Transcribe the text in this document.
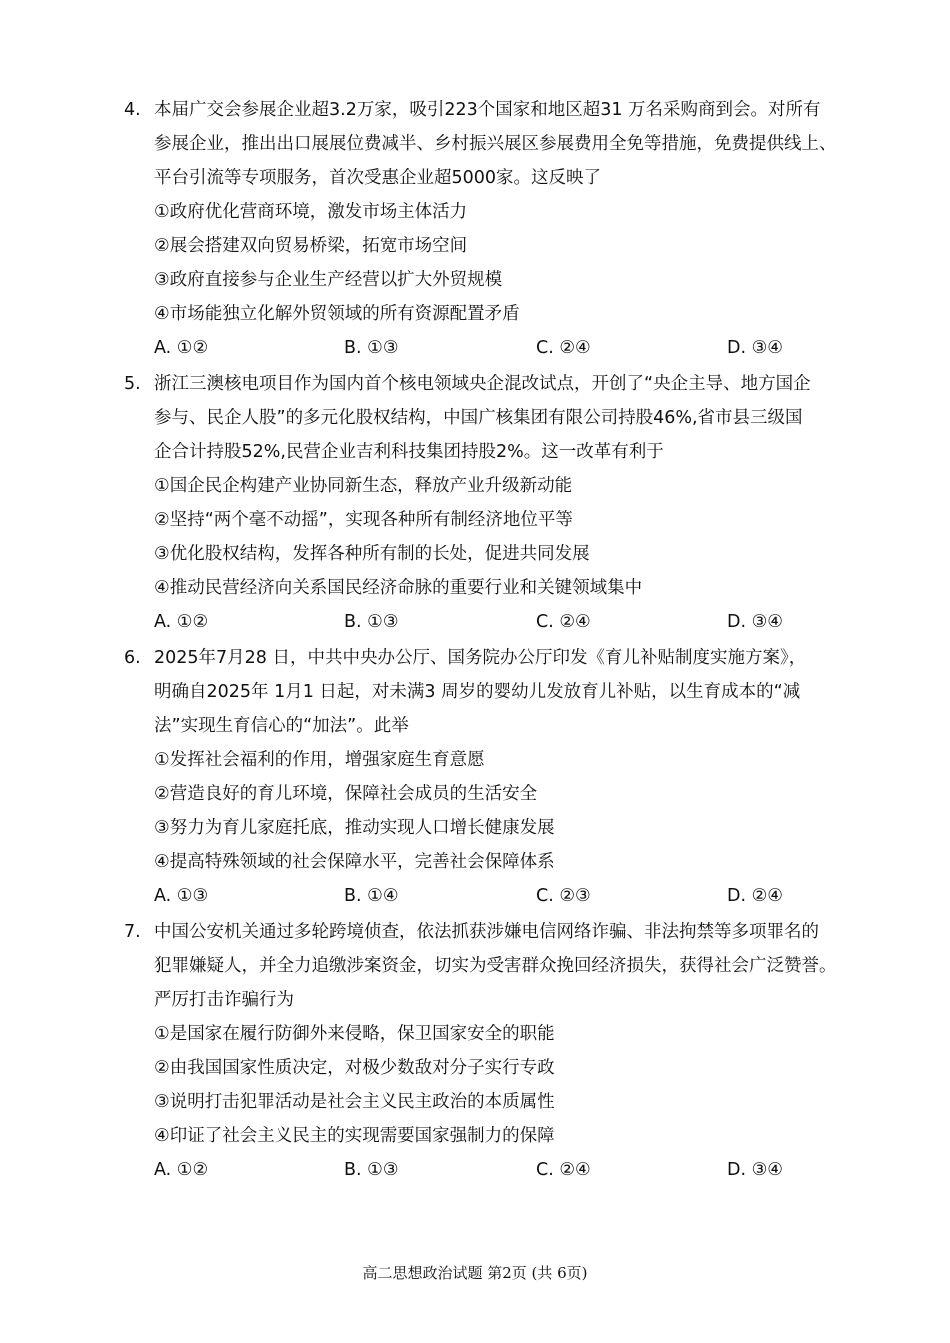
4. 本届广交会参展企业超3.2万家，吸引223个国家和地区超31 万名采购商到会。对所有
参展企业，推出出口展展位费减半、乡村振兴展区参展费用全免等措施，免费提供线上、
平台引流等专项服务，首次受惠企业超5000家。这反映了
①政府优化营商环境，激发市场主体活力
②展会搭建双向贸易桥梁，拓宽市场空间
③政府直接参与企业生产经营以扩大外贸规模
④市场能独立化解外贸领域的所有资源配置矛盾
A. ①②	B. ①③	C. ②④	D. ③④
5. 浙江三澳核电项目作为国内首个核电领域央企混改试点，开创了“央企主导、地方国企
参与、民企人股”的多元化股权结构，中国广核集团有限公司持股46%,省市县三级国
企合计持股52%,民营企业吉利科技集团持股2%。这一改革有利于
①国企民企构建产业协同新生态，释放产业升级新动能
②坚持“两个毫不动摇”，实现各种所有制经济地位平等
③优化股权结构，发挥各种所有制的长处，促进共同发展
④推动民营经济向关系国民经济命脉的重要行业和关键领域集中
A. ①②	B. ①③	C. ②④	D. ③④
6. 2025年7月28 日，中共中央办公厅、国务院办公厅印发《育儿补贴制度实施方案》，
明确自2025年 1月1 日起，对未满3 周岁的婴幼儿发放育儿补贴，以生育成本的“减
法”实现生育信心的“加法”。此举
①发挥社会福利的作用，增强家庭生育意愿
②营造良好的育儿环境，保障社会成员的生活安全
③努力为育儿家庭托底，推动实现人口增长健康发展
④提高特殊领域的社会保障水平，完善社会保障体系
A. ①③	B. ①④	C. ②③	D. ②④
7. 中国公安机关通过多轮跨境侦查，依法抓获涉嫌电信网络诈骗、非法拘禁等多项罪名的
犯罪嫌疑人，并全力追缴涉案资金，切实为受害群众挽回经济损失，获得社会广泛赞誉。
严厉打击诈骗行为
①是国家在履行防御外来侵略，保卫国家安全的职能
②由我国国家性质决定，对极少数敌对分子实行专政
③说明打击犯罪活动是社会主义民主政治的本质属性
④印证了社会主义民主的实现需要国家强制力的保障
A. ①②	B. ①③	C. ②④	D. ③④
高二思想政治试题 第2页 (共 6页)
